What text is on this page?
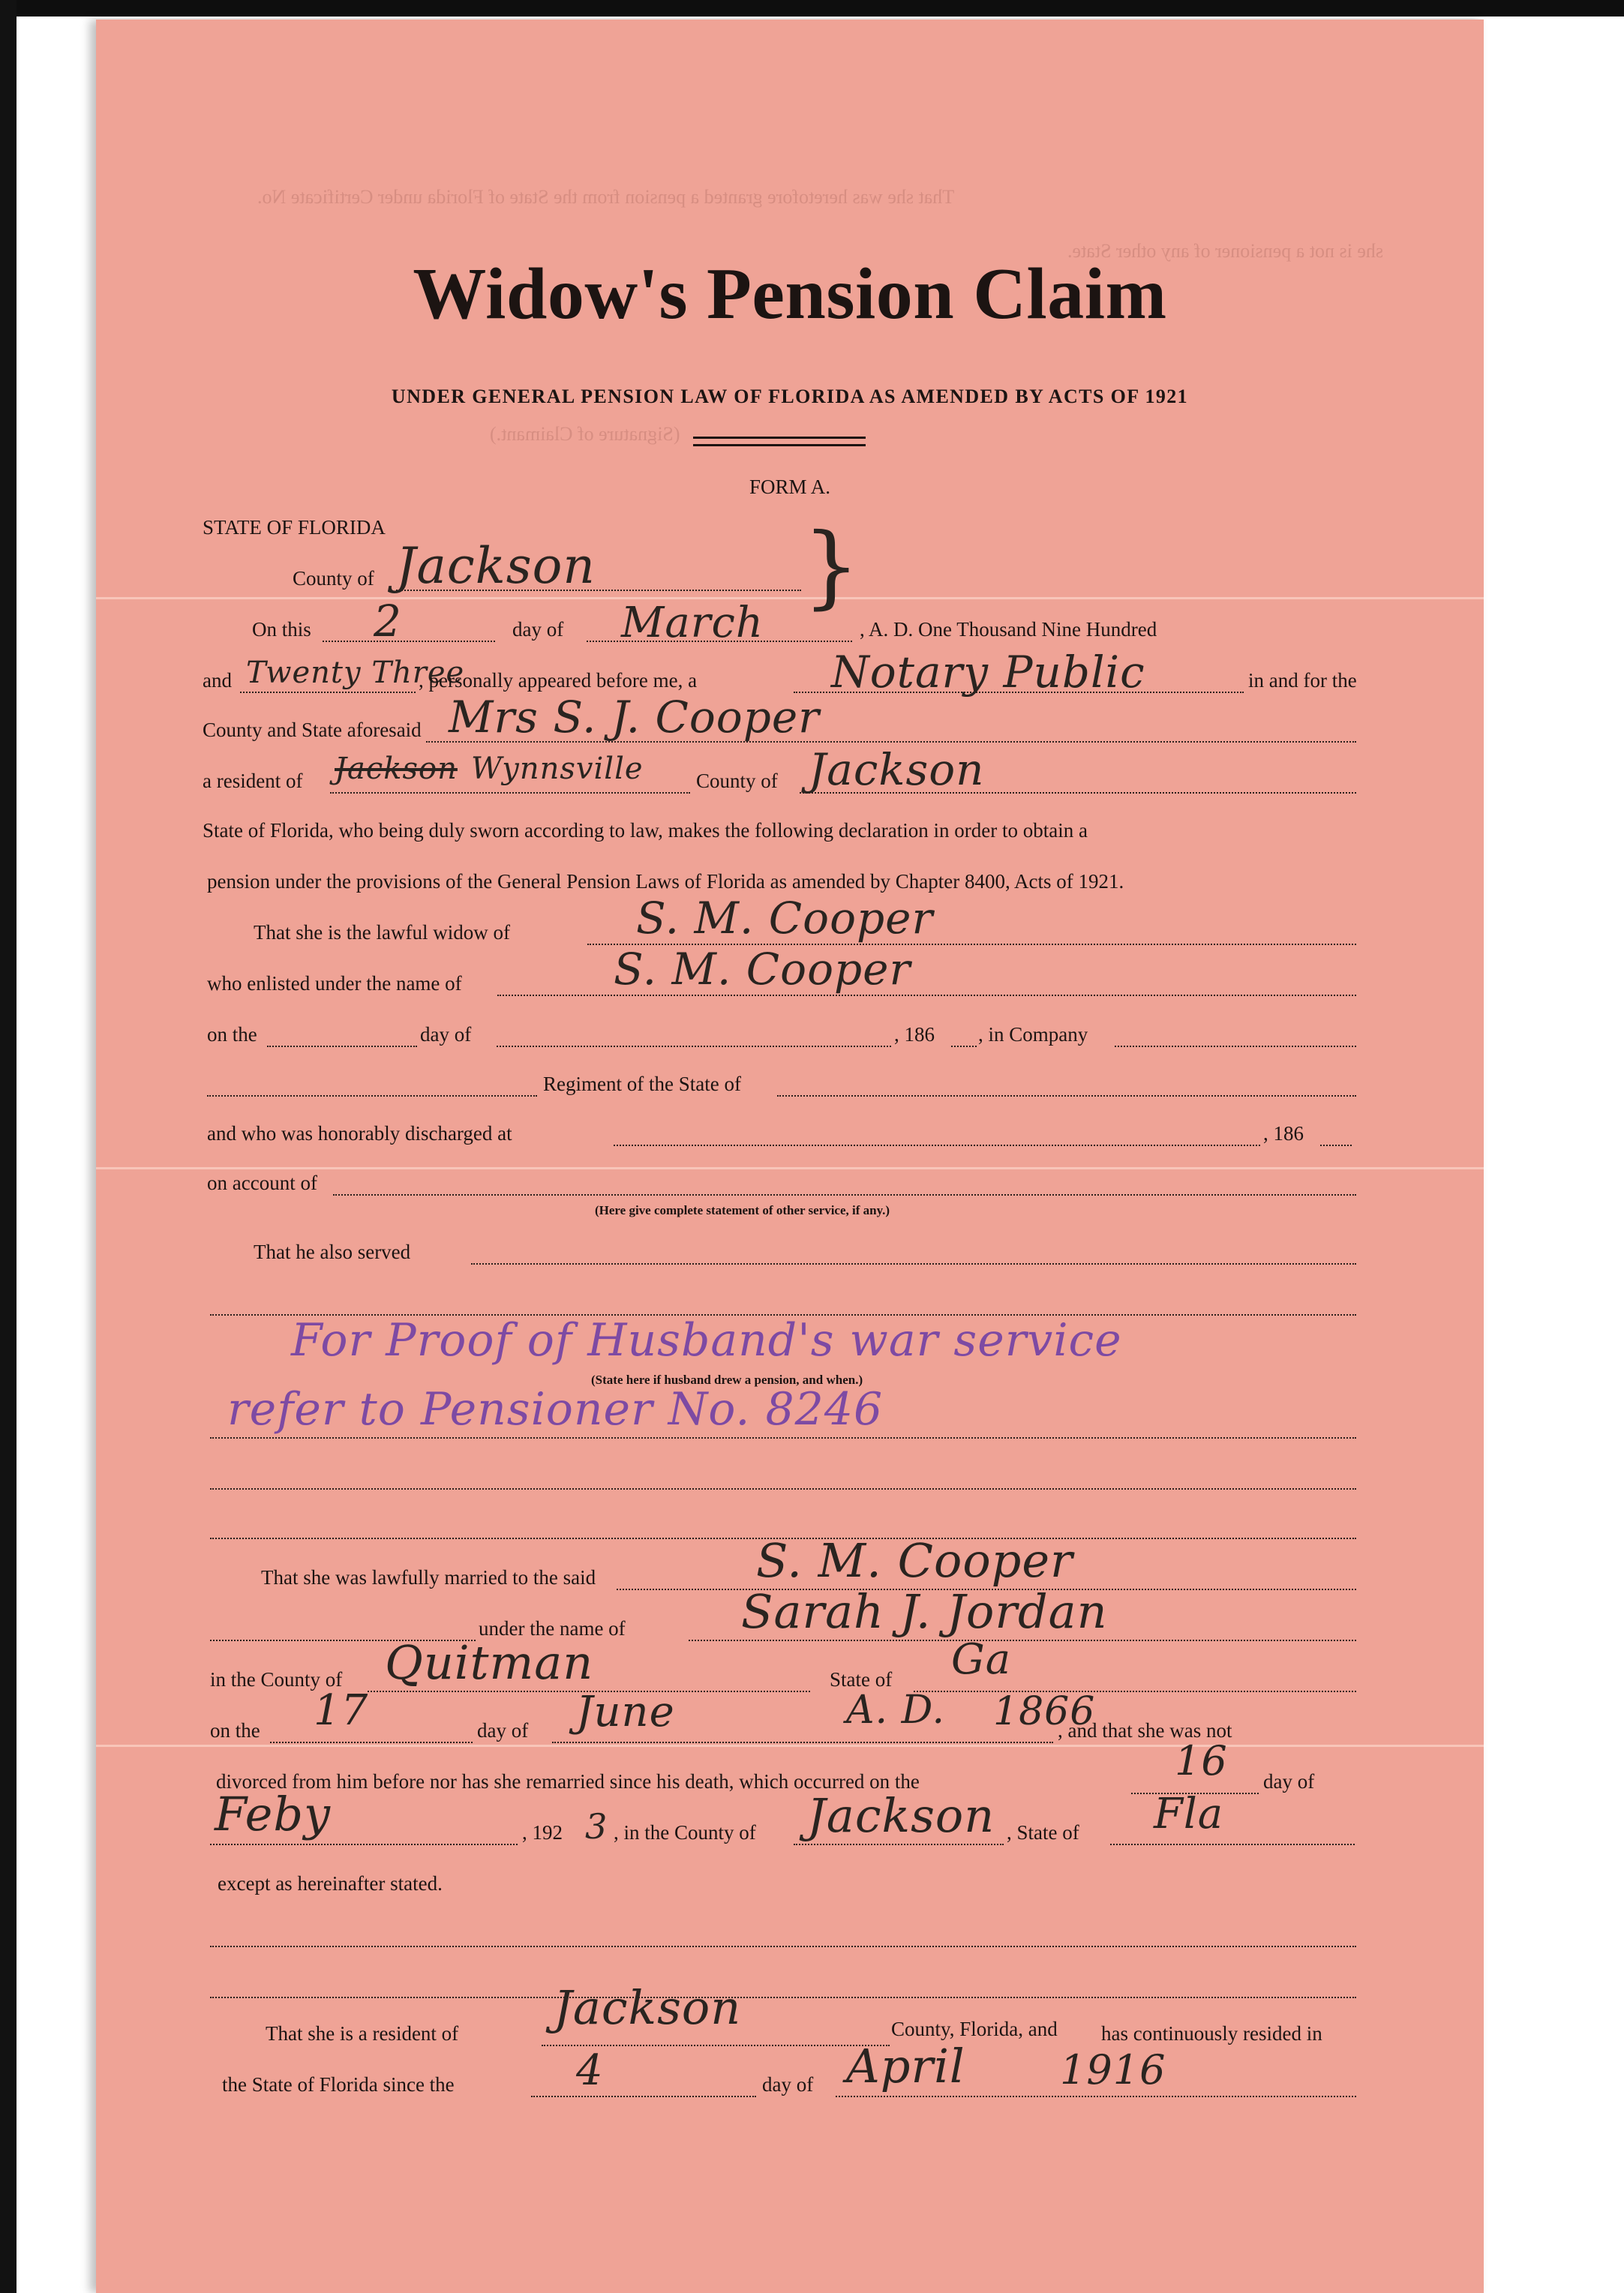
That she was heretofore granted a pension from the State of Florida under Certificate No.
she is not a pensioner of any other State.
(Signature of Claimant.)
Widow's Pension Claim
UNDER GENERAL PENSION LAW OF FLORIDA AS AMENDED BY ACTS OF 1921
FORM A.
STATE OF FLORIDA
County of Jackson }
On this 2	day of March	, A. D. One Thousand Nine Hundred
and Twenty Three
, personally appeared before me, a	Notary Public	in and for the
County and State aforesaid Mrs S. J. Cooper
a resident of Jackson Wynnsville	County of Jackson
State of Florida, who being duly sworn according to law, makes the following declaration in order to obtain a
pension under the provisions of the General Pension Laws of Florida as amended by Chapter 8400, Acts of 1921.
That she is the lawful widow of	S. M. Cooper
who enlisted under the name of	S. M. Cooper
on the	day of	, 186 , in Company
Regiment of the State of
and who was honorably discharged at	, 186
on account of
(Here give complete statement of other service, if any.)
That he also served
For Proof of Husband's war service
(State here if husband drew a pension, and when.)
refer to Pensioner No. 8246
That she was lawfully married to the said	S. M. Cooper
under the name of Sarah J. Jordan
in the County of Quitman	State of Ga
on the 17	day of June	A. D. 1866
, and that she was not
divorced from him before nor has she remarried since his death, which occurred on the	16 day of
Feby	, 192 3 , in the County of Jackson , State of Fla
except as hereinafter stated.
That she is a resident of Jackson	County, Florida, and has continuously resided in
the State of Florida since the	4	day of April 1916
